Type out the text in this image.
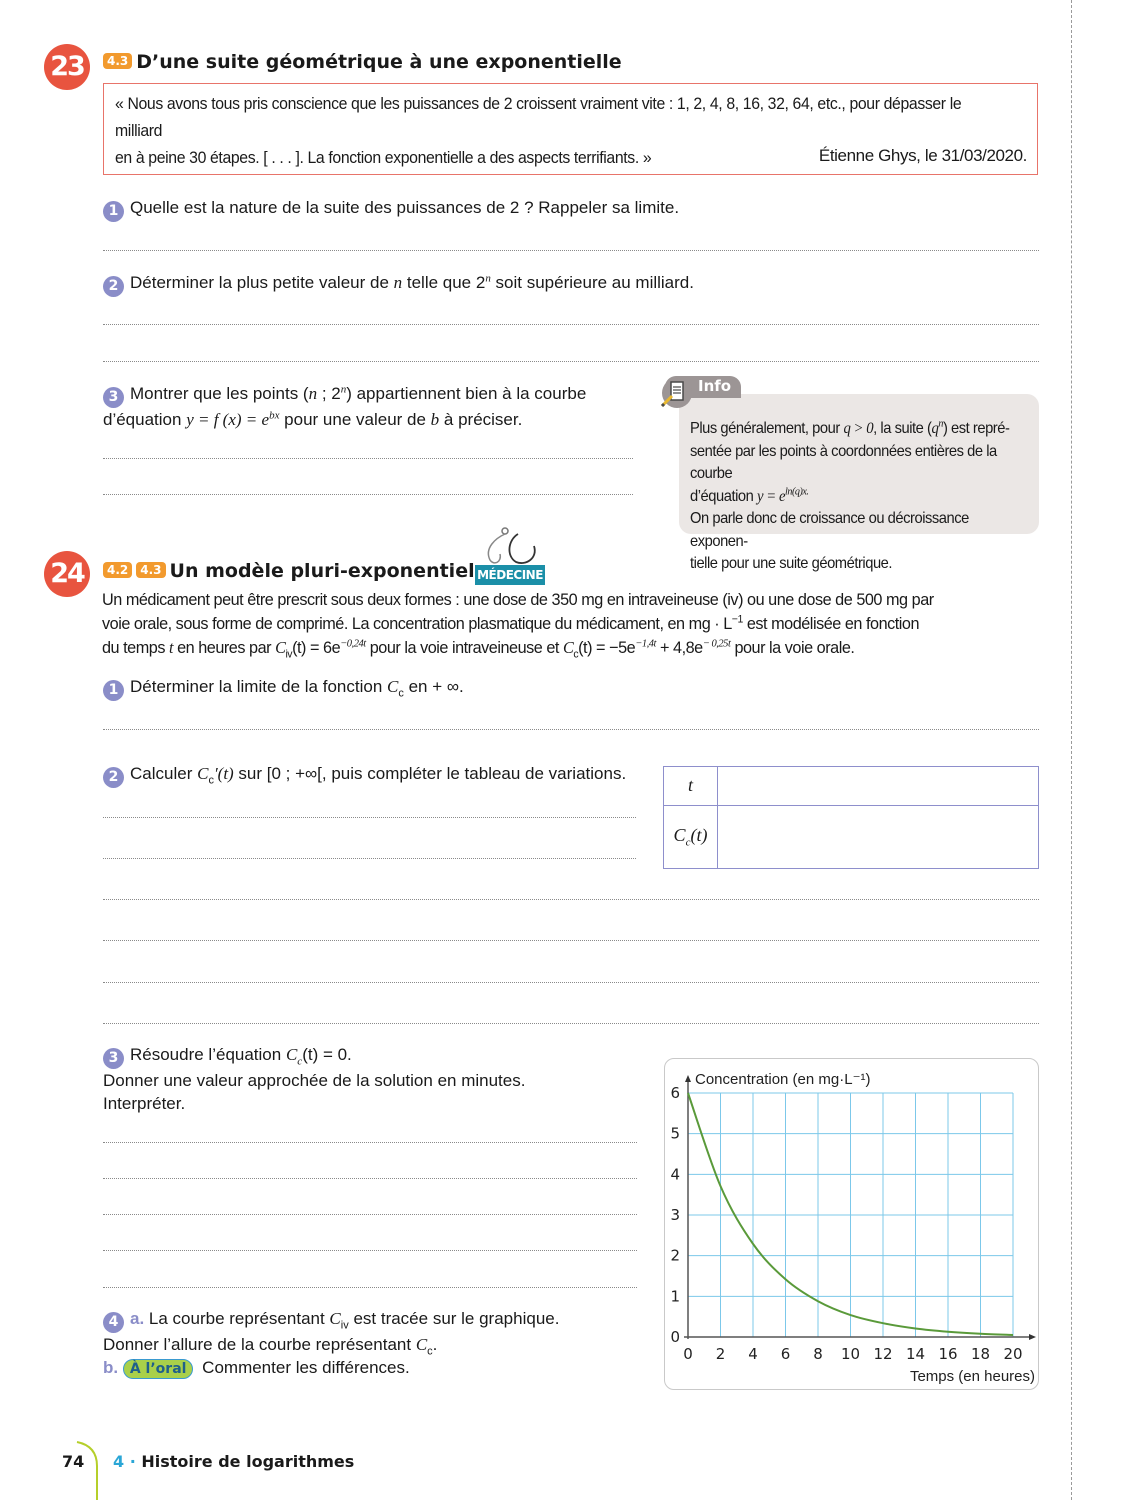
23	4.3 D’une suite géométrique à une exponentielle
« Nous avons tous pris conscience que les puissances de 2 croissent vraiment vite : 1, 2, 4, 8, 16, 32, 64, etc., pour dépasser le milliard
en à peine 30 étapes. [ . . . ]. La fonction exponentielle a des aspects terrifiants. »	Étienne Ghys, le 31/03/2020.
1 Quelle est la nature de la suite des puissances de 2 ? Rappeler sa limite.
2 Déterminer la plus petite valeur de n telle que 2$^n$ soit supérieure au milliard.
3 Montrer que les points (n ; 2$^n$) appartiennent bien à la courbe
d’équation y = f $(x) = e^{bx}$ pour une valeur de b à préciser.
Info
Plus généralement, pour q > 0, la suite $(q^n)$ est repré-
sentée par les points à coordonnées entières de la courbe
d’équation $y = e^{ln(q)x.}$
On parle donc de croissance ou décroissance exponen-
tielle pour une suite géométrique.
24	4.2 4.3 Un modèle pluri-exponentiel MÉDECINE
Un médicament peut être prescrit sous deux formes : une dose de 350 mg en intraveineuse (iv) ou une dose de 500 mg par
voie orale, sous forme de comprimé. La concentration plasmatique du médicament, en mg · $L^{-1}$ est modélisée en fonction
du temps t en heures par $C_{iv}(t) = 6e^{-0,24t}$ pour la voie intraveineuse et $C_c(t) = -5e^{-1,4t} + 4,8e^{- 0,25t}$ pour la voie orale.
1 Déterminer la limite de la fonction $C_c$ en + ∞.
2 Calculer $C_c'(t)$ sur [0 ; +∞[, puis compléter le tableau de variations.
t
$C_c(t)$
3 Résoudre l’équation $C_c(t) = 0$.
Donner une valeur approchée de la solution en minutes.
Interpréter.
4 a. La courbe représentant $C_{iv}$ est tracée sur le graphique.
Donner l’allure de la courbe représentant $C_c$.
b. À l’oral Commenter les différences.
0 2 4 6 8 10 12 14 16 18 20
0
1
2
3
4
5
6
Concentration (en mg·L⁻¹)
Temps (en heures)
74 4 · Histoire de logarithmes
